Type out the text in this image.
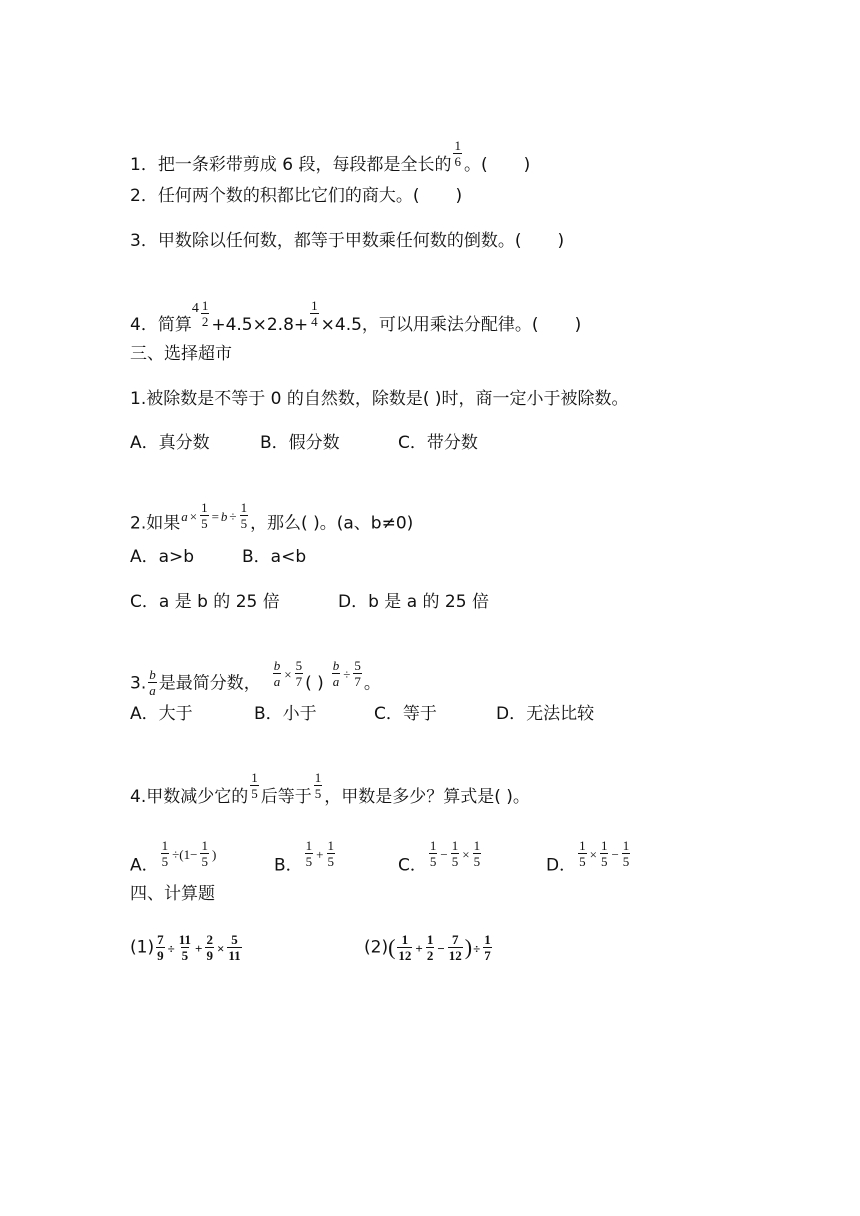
1．把一条彩带剪成 6 段，每段都是全长的 $\frac{1}{6}$ 。( )
2．任何两个数的积都比它们的商大。( )
3．甲数除以任何数，都等于甲数乘任何数的倒数。( )
4．简算$^4 \frac{1}{2} +4.5\times 2.8+ \frac{1}{4} \times 4.5$，可以用乘法分配律。( )
三、选择超市
1.被除数是不等于 0 的自然数，除数是( )时，商一定小于被除数。
A．真分数	B．假分数	C．带分数
2.如果$a \times \frac{1}{5} = b \div \frac{1}{5}$ ，那么( )。(a、b≠0)
A．a>b	B．a<b
C．a 是 b 的 25 倍	D．b 是 a 的 25 倍
3. $\frac{b}{a}$ 是最简分数， $\frac{b}{a} \times \frac{5}{7}$ ( ) $\frac{b}{a} \div \frac{5}{7}$ 。
A．大于	B．小于	C．等于	D．无法比较
4.甲数减少它的 $\frac{1}{5}$ 后等于 $\frac{1}{5}$ ，甲数是多少？算式是( )。
A． $\frac{1}{5} \div(1- \frac{1}{5} )B$． $\frac{1}{5} + \frac{1}{5}$	C． $\frac{1}{5} - \frac{1}{5} \times \frac{1}{5}$	D． $\frac{1}{5} \times \frac{1}{5} - \frac{1}{5}$
四、计算题
$(1) \frac{7}{9} \div \frac{11}{5} + \frac{2}{9} \times \frac{5}{11}$	$(2)( \frac{1}{12} + \frac{1}{2} - \frac{7}{12}$ )÷ $\frac{1}{7}$
